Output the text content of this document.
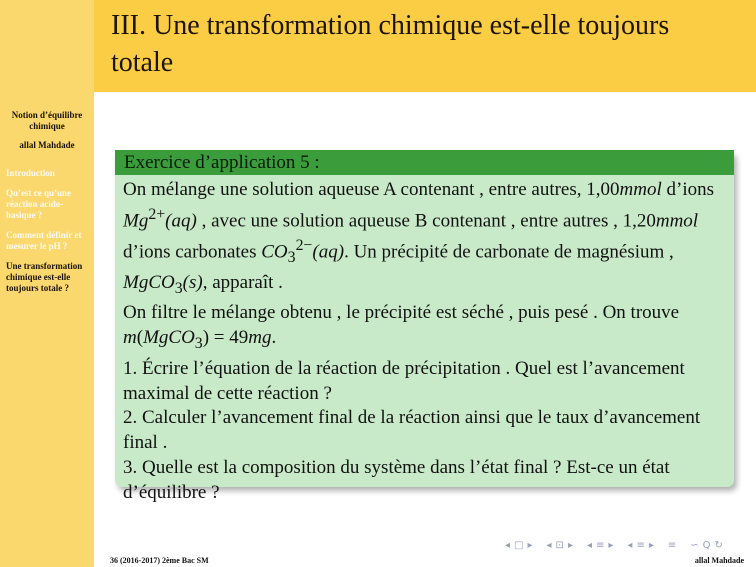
Notion d’équilibre chimique
allal Mahdade
Introduction
Qu’est ce qu’une réaction acido-basique ?
Comment définir et mesurer le pH ?
Une transformation chimique est-elle toujours totale ?
III. Une transformation chimique est-elle toujours totale
Exercice d’application 5 :

On mélange une solution aqueuse A contenant , entre autres, 1,00mmol d’ions $Mg^{2+}(aq)$ , avec une solution aqueuse B contenant , entre autres , 1,20mmol d’ions carbonates $CO_3^{2-}(aq)$. Un précipité de carbonate de magnésium , MgCO$_3$(s), apparaît .

On filtre le mélange obtenu , le précipité est séché , puis pesé . On trouve
m(MgCO$_3$) = 49mg.

1. Écrire l’équation de la réaction de précipitation . Quel est l’avancement maximal de cette réaction ?

2. Calculer l’avancement final de la réaction ainsi que le taux d’avancement final .

3. Quelle est la composition du système dans l’état final ? Est-ce un état d’équilibre ?

◂ □ ▸ ◂ ⊡ ▸ ◂ ≡ ▸ ◂ ≡ ▸ ≡ ∽ Q ↻
36 (2016-2017) 2ème Bac SM	allal Mahdade
